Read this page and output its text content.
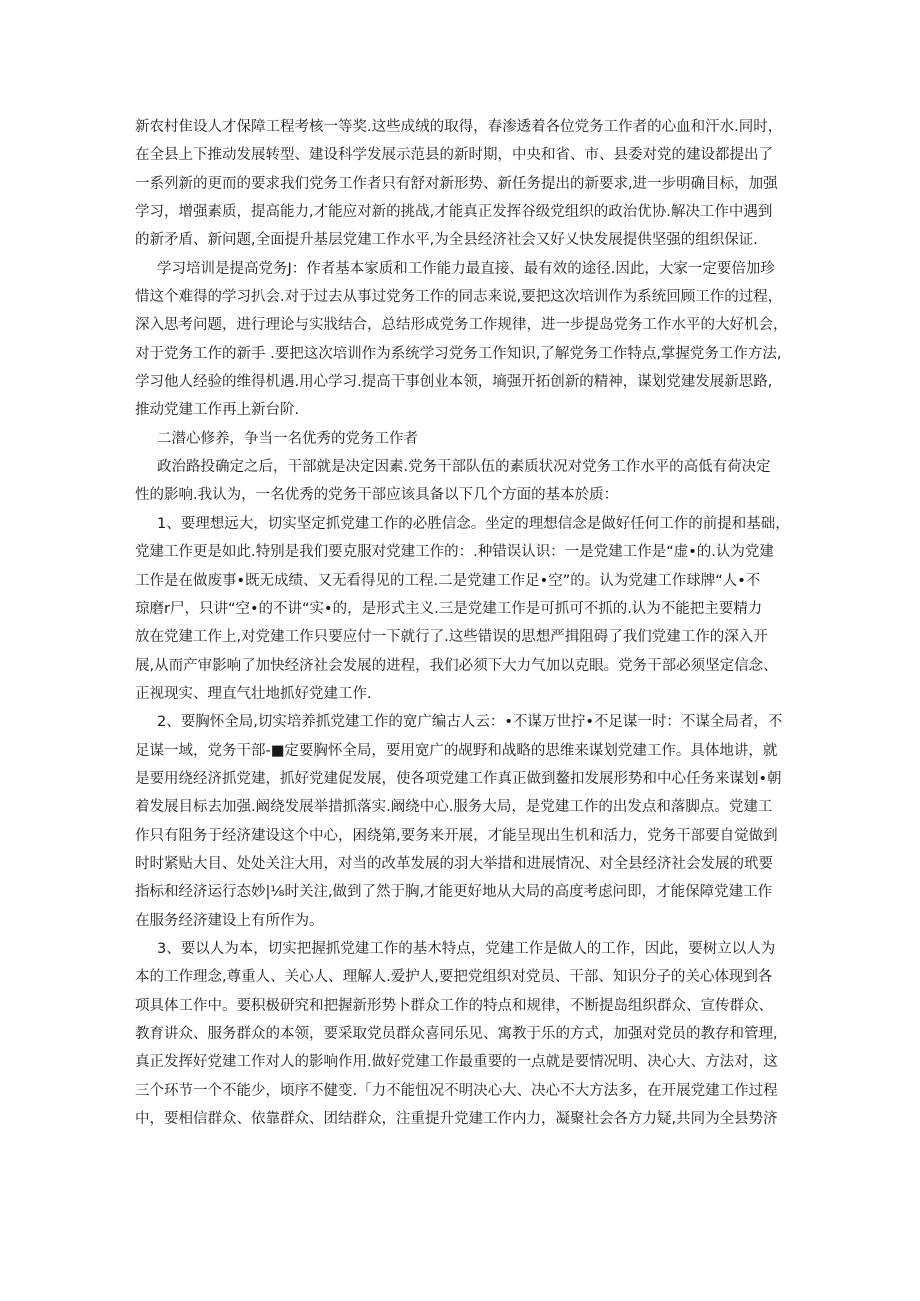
新农村隹设人才保障工程考核一等奖.这些成绒的取得，春渗透着各位党务工作者的心血和汗水.同时，
在全县上下推动发展转型、建设科学发展示范县的新时期，中央和省、市、县委对党的建设都提出了
一系列新的更而的要求我们党务工作者只有舒对新形势、新任务提出的新要求,进一步明确目标，加强
学习，增强素质，提高能力,才能应对新的挑战,才能真正发挥谷级党组织的政治优协.解决工作中遇到
的新矛盾、新问题,全面提升基层党建工作水平,为全县经济社会又好乂快发展提供坚强的组织保证.
学习培训是提高党务J：作者基本家质和工作能力最直接、最有效的途径.因此，大家一定要倍加珍
惜这个难得的学习扒会.对于过去从事过党务工作的同志来说,要把这次培训作为系统回顾工作的过程，
深入思考问题，进行理论与实戕结合，总结形成党务工作规律，进一步提岛党务工作水平的大好机会，
对于党务工作的新手 .要把这次培训作为系统学习党务工作知识,了解党务工作特点,掌握党务工作方法,
学习他人经验的维得机遇.用心学习.提高干事创业本领，墒强开拓创新的精神，谋划党建发展新思路,
推动党建工作再上新台阶.
二潜心修养，争当一名优秀的党务工作者
政治路投确定之后，干部就是决定因素.党务干部队伍的素质状况对党务工作水平的高低有荷决定
性的影响.我认为，一名优秀的党务干部应该具备以下几个方面的基本於质：
1、要理想远大，切实坚定抓党建工作的必胜信念。坐定的理想信念是做好任何工作的前提和基础，
党建工作更是如此.特别是我们要克服对党建工作的：.种错误认识：一是党建工作是“虚•的.认为党建
工作是在做废事•既无成绩、又无看得见的工程.二是党建工作足•空”的。认为党建工作球牌“人•不
琼磨r尸，只讲“空•的不讲“实•的，是形式主义.三是党建工作是可抓可不抓的.认为不能把主要精力
放在党建工作上,对党建工作只要应付一下就行了.这些错误的思想严揖阻碍了我们党建工作的深入开
展,从而产审影响了加快经济社会发展的进程，我们必须下大力气加以克眼。党务干部必须坚定信念、
正视现实、理直气壮地抓好党建工作.
2、要胸怀全局,切实培养抓党建工作的宽广编古人云：•不谋万世拧•不足谋一时：不谋全局者，不
足谋一域，党务干部-■定要胸怀全局，要用宽广的觇野和战略的思维来谋划党建工作。具体地讲，就
是要用绕经济抓党建，抓好党建促发展，使各项党建工作真正做到鳌扣发展形势和中心任务来谋划•朝
着发展目标去加强.阚绕发展举措抓落实.阚绕中心.服务大局，是党建工作的出发点和落脚点。党建工
作只有阻务于经济建设这个中心，困绕第,要务来开展，才能呈现出生机和活力，党务干部要自觉做到
时时紧贴大目、处处关注大用，对当的改革发展的羽大举措和进展情况、对全县经济社会发展的玳要
指标和经济运行态妙|⅛时关注,做到了然于胸,才能更好地从大局的高度考虑问即，才能保障党建工作
在服务经济建设上有所作为。
3、要以人为本，切实把握抓党建工作的基木特点，党建工作是做人的工作，因此，要树立以人为
本的工作理念,尊重人、关心人、理解人.爱护人,要把党组织对党员、干部、知识分子的关心体现到各
项具体工作中。要积极研究和把握新形势卜群众工作的特点和规律，不断提岛组织群众、宣传群众、
教育讲众、服务群众的本领，要采取党员群众喜同乐见、寓教于乐的方式，加强对党员的教存和管理,
真正发挥好党建工作对人的影响作用.做好党建工作最重要的一点就是要情况明、决心大、方法对，这
三个环节一个不能少，顷序不健变.「力不能忸况不明决心大、决心不大方法多，在开展党建工作过程
中，要相信群众、依靠群众、团结群众，注重提升党建工作内力，凝聚社会各方力疑,共同为全县势济
